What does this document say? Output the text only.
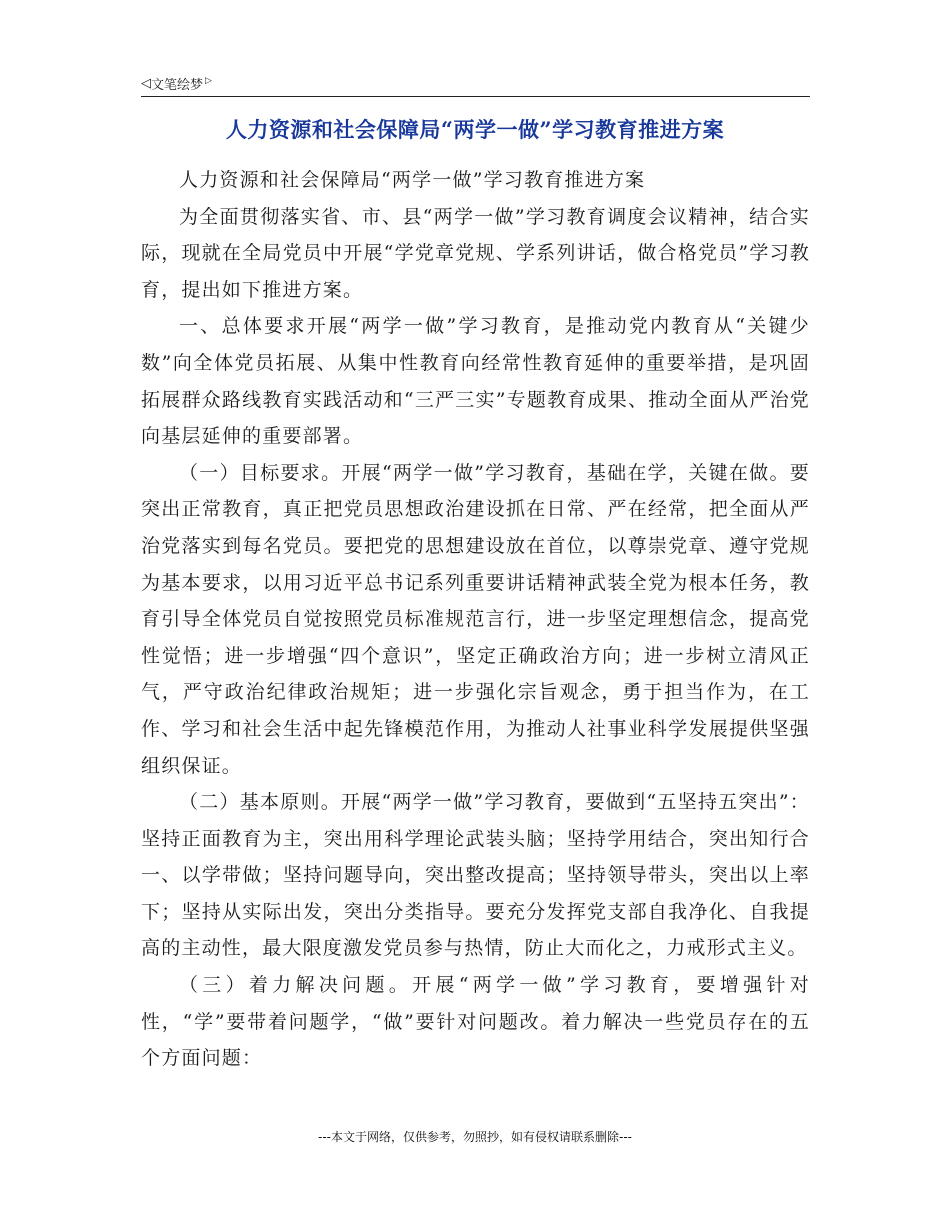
◁ 文笔绘梦 ▷
人力资源和社会保障局“两学一做”学习教育推进方案

人力资源和社会保障局“两学一做”学习教育推进方案

为全面贯彻落实省、市、县“两学一做”学习教育调度会议精神，结合实际，现就在全局党员中开展“学党章党规、学系列讲话，做合格党员”学习教育，提出如下推进方案。

一、总体要求开展“两学一做”学习教育，是推动党内教育从“关键少数”向全体党员拓展、从集中性教育向经常性教育延伸的重要举措，是巩固拓展群众路线教育实践活动和“三严三实”专题教育成果、推动全面从严治党向基层延伸的重要部署。

（一）目标要求。开展“两学一做”学习教育，基础在学，关键在做。要突出正常教育，真正把党员思想政治建设抓在日常、严在经常，把全面从严治党落实到每名党员。要把党的思想建设放在首位，以尊崇党章、遵守党规为基本要求，以用习近平总书记系列重要讲话精神武装全党为根本任务，教育引导全体党员自觉按照党员标准规范言行，进一步坚定理想信念，提高党性觉悟；进一步增强“四个意识”，坚定正确政治方向；进一步树立清风正气，严守政治纪律政治规矩；进一步强化宗旨观念，勇于担当作为，在工作、学习和社会生活中起先锋模范作用，为推动人社事业科学发展提供坚强组织保证。

（二）基本原则。开展“两学一做”学习教育，要做到“五坚持五突出”：坚持正面教育为主，突出用科学理论武装头脑；坚持学用结合，突出知行合一、以学带做；坚持问题导向，突出整改提高；坚持领导带头，突出以上率下；坚持从实际出发，突出分类指导。要充分发挥党支部自我净化、自我提高的主动性，最大限度激发党员参与热情，防止大而化之，力戒形式主义。

（三）着力解决问题。开展“两学一做”学习教育，要增强针对性，“学”要带着问题学，“做”要针对问题改。着力解决一些党员存在的五个方面问题：

---本文于网络，仅供参考，勿照抄，如有侵权请联系删除---
